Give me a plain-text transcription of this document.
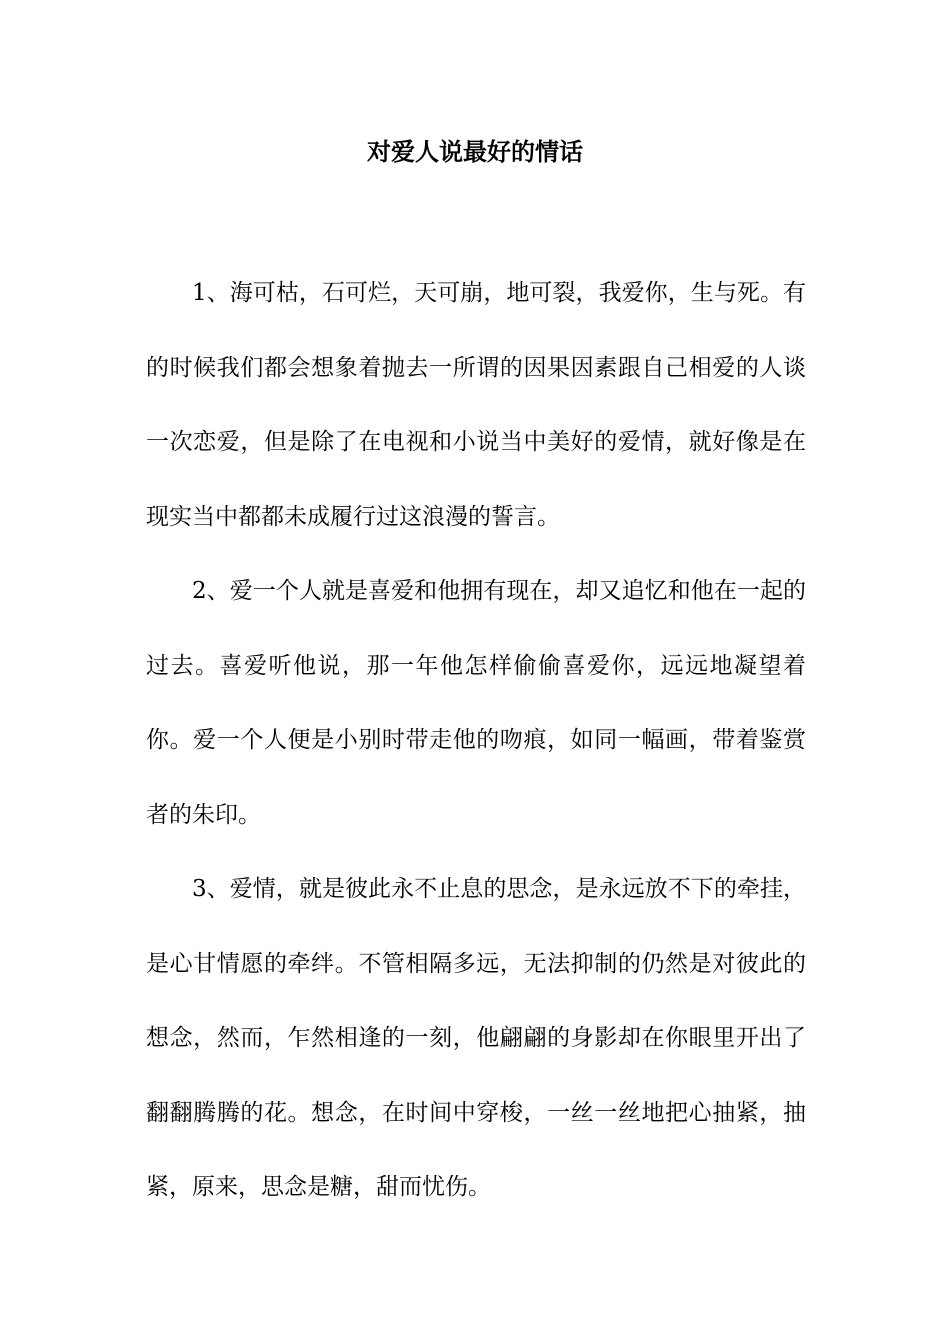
对爱人说最好的情话

1、海可枯，石可烂，天可崩，地可裂，我爱你，生与死。有的时候我们都会想象着抛去一所谓的因果因素跟自己相爱的人谈一次恋爱，但是除了在电视和小说当中美好的爱情，就好像是在现实当中都都未成履行过这浪漫的誓言。

2、爱一个人就是喜爱和他拥有现在，却又追忆和他在一起的过去。喜爱听他说，那一年他怎样偷偷喜爱你，远远地凝望着你。爱一个人便是小别时带走他的吻痕，如同一幅画，带着鉴赏者的朱印。

3、爱情，就是彼此永不止息的思念，是永远放不下的牵挂，是心甘情愿的牵绊。不管相隔多远，无法抑制的仍然是对彼此的想念，然而，乍然相逢的一刻，他翩翩的身影却在你眼里开出了翻翻腾腾的花。想念，在时间中穿梭，一丝一丝地把心抽紧，抽紧，原来，思念是糖，甜而忧伤。
